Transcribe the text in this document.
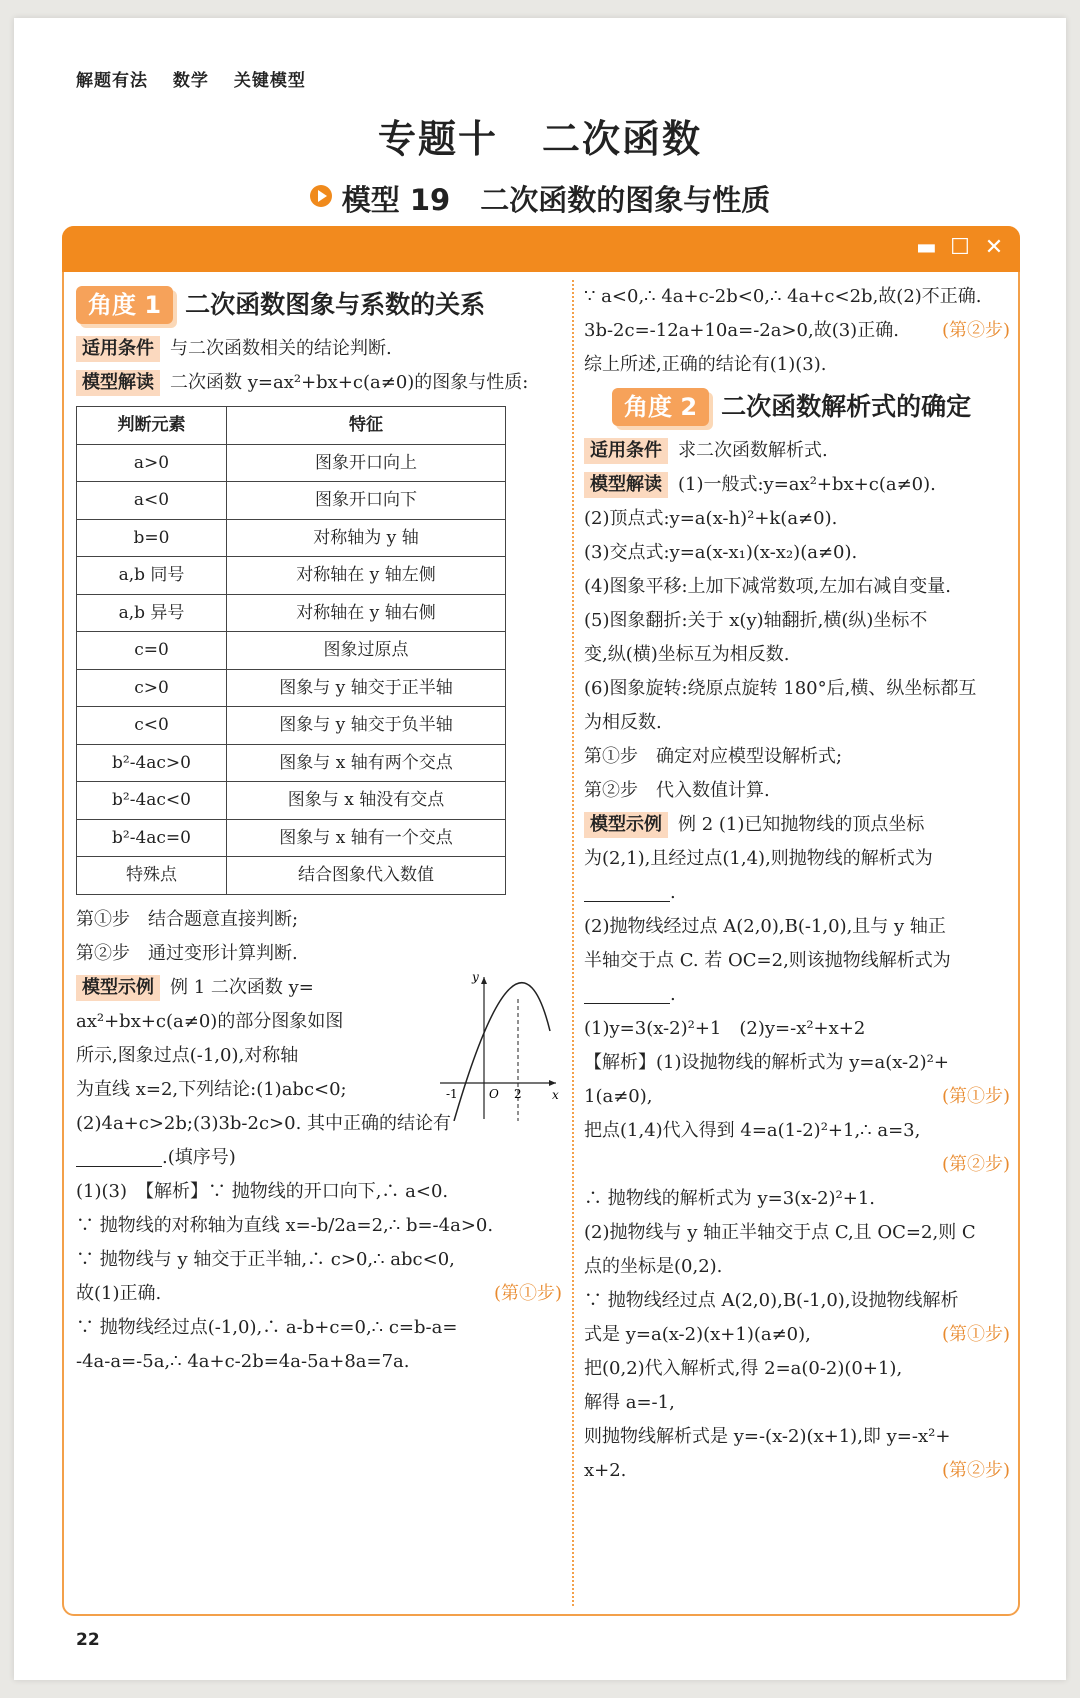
解题有法 数学 关键模型
专题十 二次函数
模型 19 二次函数的图象与性质
▬ ☐ ✕
角度 1 二次函数图象与系数的关系
适用条件 与二次函数相关的结论判断.
模型解读 二次函数 y=ax²+bx+c(a≠0)的图象与性质:
判断元素	特征
a>0	图象开口向上
a<0	图象开口向下
b=0	对称轴为 y 轴
a,b 同号	对称轴在 y 轴左侧
a,b 异号	对称轴在 y 轴右侧
c=0	图象过原点
c>0	图象与 y 轴交于正半轴
c<0	图象与 y 轴交于负半轴
b²-4ac>0	图象与 x 轴有两个交点
b²-4ac<0	图象与 x 轴没有交点
b²-4ac=0	图象与 x 轴有一个交点
特殊点	结合图象代入数值
第①步　结合题意直接判断;
第②步　通过变形计算判断.
模型示例 例 1 二次函数 y=
ax²+bx+c(a≠0)的部分图象如图
所示,图象过点(-1,0),对称轴
为直线 x=2,下列结论:(1)abc<0;
y
x
O
-1	2
(2)4a+c>2b;(3)3b-2c>0. 其中正确的结论有
.(填序号)
(1)(3)　【解析】∵ 抛物线的开口向下,∴ a<0.
∵ 抛物线的对称轴为直线 x=-b/2a=2,∴ b=-4a>0.
∵ 抛物线与 y 轴交于正半轴,∴ c>0,∴ abc<0,
故(1)正确.	(第①步)
∵ 抛物线经过点(-1,0),∴ a-b+c=0,∴ c=b-a=
-4a-a=-5a,∴ 4a+c-2b=4a-5a+8a=7a.
∵ a<0,∴ 4a+c-2b<0,∴ 4a+c<2b,故(2)不正确.
3b-2c=-12a+10a=-2a>0,故(3)正确. (第②步)
综上所述,正确的结论有(1)(3).
角度 2 二次函数解析式的确定
适用条件 求二次函数解析式.
模型解读 (1)一般式:y=ax²+bx+c(a≠0).
(2)顶点式:y=a(x-h)²+k(a≠0).
(3)交点式:y=a(x-x₁)(x-x₂)(a≠0).
(4)图象平移:上加下减常数项,左加右减自变量.
(5)图象翻折:关于 x(y)轴翻折,横(纵)坐标不
变,纵(横)坐标互为相反数.
(6)图象旋转:绕原点旋转 180°后,横、纵坐标都互
为相反数.
第①步　确定对应模型设解析式;
第②步　代入数值计算.
模型示例 例 2 (1)已知抛物线的顶点坐标
为(2,1),且经过点(1,4),则抛物线的解析式为
.
(2)抛物线经过点 A(2,0),B(-1,0),且与 y 轴正
半轴交于点 C. 若 OC=2,则该抛物线解析式为
.
(1)y=3(x-2)²+1　(2)y=-x²+x+2
【解析】(1)设抛物线的解析式为 y=a(x-2)²+
1(a≠0),	(第①步)
把点(1,4)代入得到 4=a(1-2)²+1,∴ a=3,
(第②步)
∴ 抛物线的解析式为 y=3(x-2)²+1.
(2)抛物线与 y 轴正半轴交于点 C,且 OC=2,则 C
点的坐标是(0,2).
∵ 抛物线经过点 A(2,0),B(-1,0),设抛物线解析
式是 y=a(x-2)(x+1)(a≠0),	(第①步)
把(0,2)代入解析式,得 2=a(0-2)(0+1),
解得 a=-1,
则抛物线解析式是 y=-(x-2)(x+1),即 y=-x²+
x+2.	(第②步)
22
